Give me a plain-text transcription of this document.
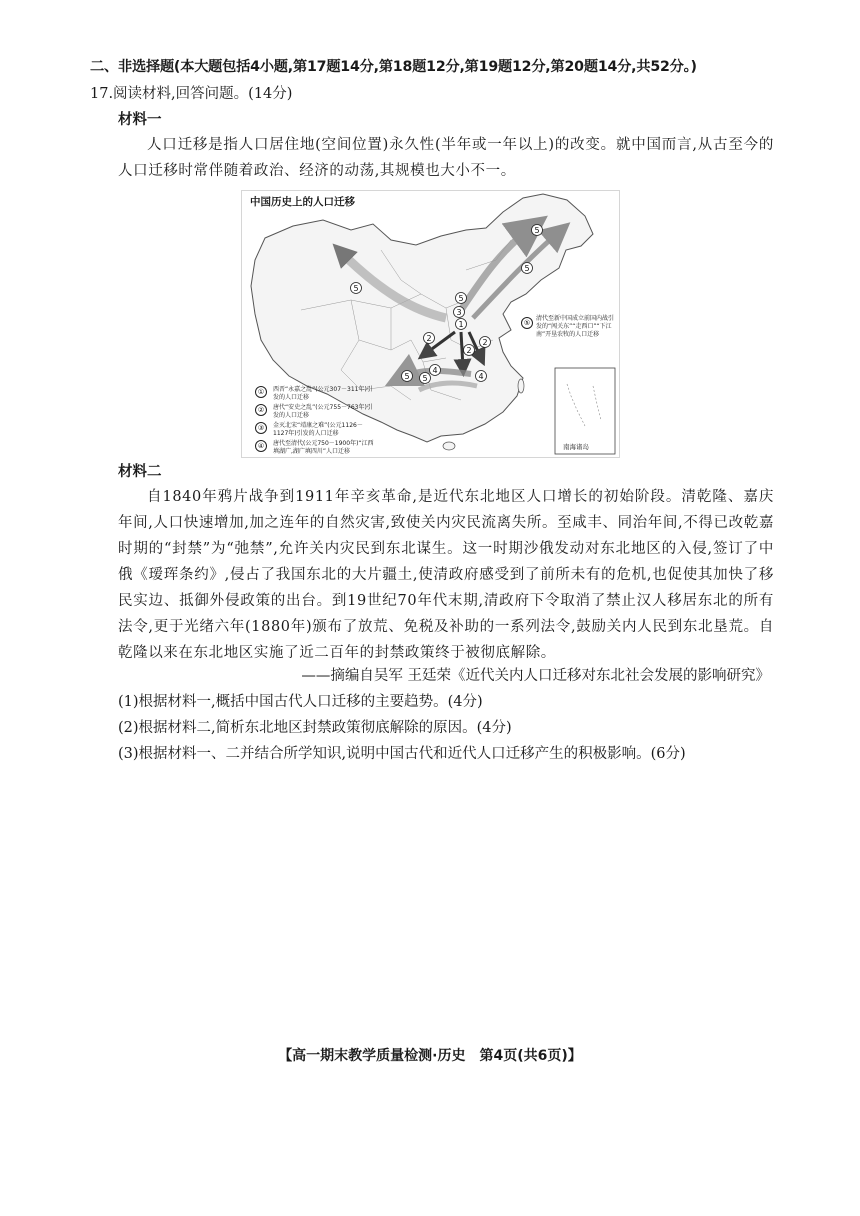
二、非选择题(本大题包括4小题,第17题14分,第18题12分,第19题12分,第20题14分,共52分。)
17.阅读材料,回答问题。(14分)
材料一

人口迁移是指人口居住地(空间位置)永久性(半年或一年以上)的改变。就中国而言,从古至今的人口迁移时常伴随着政治、经济的动荡,其规模也大小不一。

5
5
5
5
3
1
2
2
2
4
4
5 5
中国历史上的人口迁移
①	西晋“永嘉之乱”(公元307－311年)引发的人口迁移
②	唐代“安史之乱”(公元755－763年)引发的人口迁移
③	金灭北宋“靖康之难”(公元1126－1127年)引发的人口迁移
④	唐代至清代(公元750－1900年)“江西填湖广,湖广填四川”人口迁移
⑤
清代至新中国成立前国内战引发的“闯关东”“走西口”“下江南”开垦农牧的人口迁移
南海诸岛
材料二

自1840年鸦片战争到1911年辛亥革命,是近代东北地区人口增长的初始阶段。清乾隆、嘉庆年间,人口快速增加,加之连年的自然灾害,致使关内灾民流离失所。至咸丰、同治年间,不得已改乾嘉时期的“封禁”为“弛禁”,允许关内灾民到东北谋生。这一时期沙俄发动对东北地区的入侵,签订了中俄《瑷珲条约》,侵占了我国东北的大片疆土,使清政府感受到了前所未有的危机,也促使其加快了移民实边、抵御外侵政策的出台。到19世纪70年代末期,清政府下令取消了禁止汉人移居东北的所有法令,更于光绪六年(1880年)颁布了放荒、免税及补助的一系列法令,鼓励关内人民到东北垦荒。自乾隆以来在东北地区实施了近二百年的封禁政策终于被彻底解除。

——摘编自吴军 王廷荣《近代关内人口迁移对东北社会发展的影响研究》
(1)根据材料一,概括中国古代人口迁移的主要趋势。(4分)
(2)根据材料二,简析东北地区封禁政策彻底解除的原因。(4分)
(3)根据材料一、二并结合所学知识,说明中国古代和近代人口迁移产生的积极影响。(6分)
【高一期末教学质量检测·历史　第4页(共6页)】
